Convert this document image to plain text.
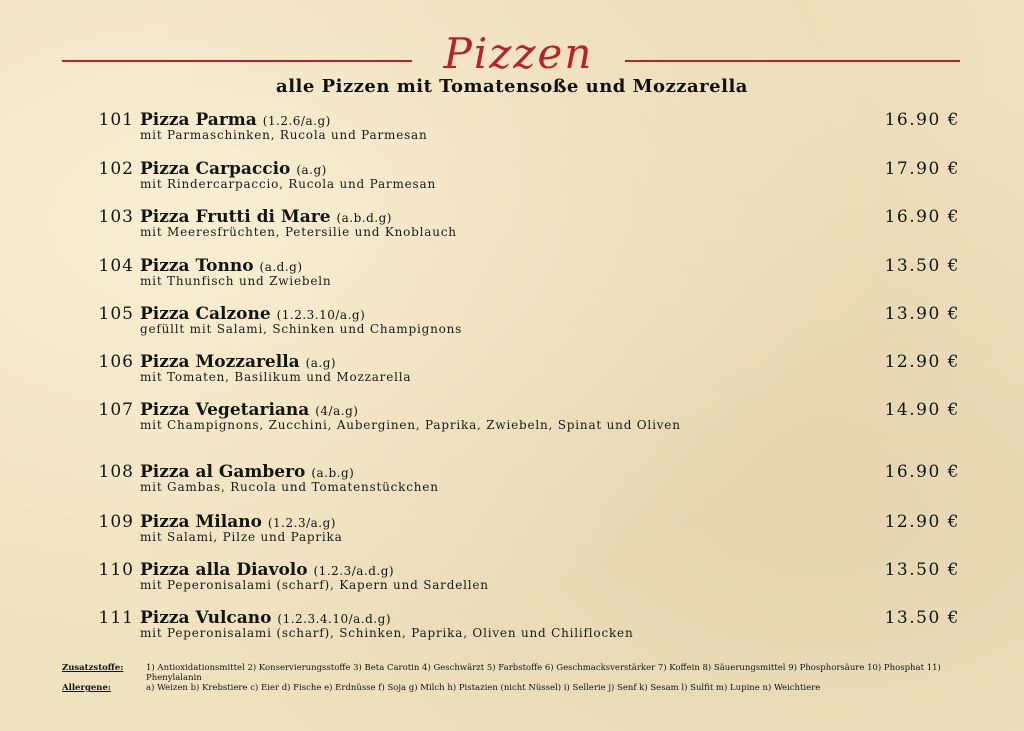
Pizzen
alle Pizzen mit Tomatensoße und Mozzarella
101 Pizza Parma (1.2.6/a.g)
mit Parmaschinken, Rucola und Parmesan
16.90 €
102 Pizza Carpaccio (a.g)
mit Rindercarpaccio, Rucola und Parmesan
17.90 €
103 Pizza Frutti di Mare (a.b.d.g)
mit Meeresfrüchten, Petersilie und Knoblauch
16.90 €
104 Pizza Tonno (a.d.g)
mit Thunfisch und Zwiebeln
13.50 €
105 Pizza Calzone (1.2.3.10/a.g)
gefüllt mit Salami, Schinken und Champignons
13.90 €
106 Pizza Mozzarella (a.g)
mit Tomaten, Basilikum und Mozzarella
12.90 €
107 Pizza Vegetariana (4/a.g)
mit Champignons, Zucchini, Auberginen, Paprika, Zwiebeln, Spinat und Oliven
14.90 €
108 Pizza al Gambero (a.b.g)
mit Gambas, Rucola und Tomatenstückchen
16.90 €
109 Pizza Milano (1.2.3/a.g)
mit Salami, Pilze und Paprika
12.90 €
110 Pizza alla Diavolo (1.2.3/a.d.g)
mit Peperonisalami (scharf), Kapern und Sardellen
13.50 €
111 Pizza Vulcano (1.2.3.4.10/a.d.g)
mit Peperonisalami (scharf), Schinken, Paprika, Oliven und Chiliflocken
13.50 €
Zusatzstoffe:	1) Antioxidationsmittel 2) Konservierungsstoffe 3) Beta Carotin 4) Geschwärzt 5) Farbstoffe 6) Geschmacksverstärker 7) Koffein 8) Säuerungsmittel 9) Phosphorsäure 10) Phosphat 11) Phenylalanin
Allergene:	a) Weizen b) Krebstiere c) Eier d) Fische e) Erdnüsse f) Soja g) Milch h) Pistazien (nicht Nüssel) i) Sellerie j) Senf k) Sesam l) Sulfit m) Lupine n) Weichtiere
